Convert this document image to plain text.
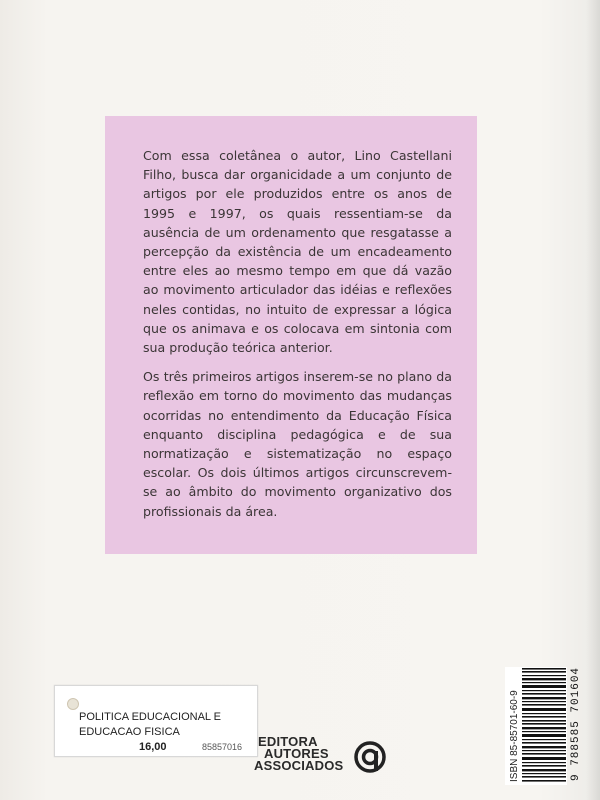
Com essa coletânea o autor, Lino Castellani Filho, busca dar organicidade a um conjunto de artigos por ele produzidos entre os anos de 1995 e 1997, os quais ressentiam-se da ausência de um ordenamento que resgatasse a percepção da existência de um encadeamento entre eles ao mesmo tempo em que dá vazão ao movimento articulador das idéias e reflexões neles contidas, no intuito de expressar a lógica que os animava e os colocava em sintonia com sua produção teórica anterior.

Os três primeiros artigos inserem-se no plano da reflexão em torno do movimento das mudanças ocorridas no entendimento da Educação Física enquanto disciplina pedagógica e de sua normatização e sistematização no espaço escolar. Os dois últimos artigos circunscrevem-se ao âmbito do movimento organizativo dos profissionais da área.

POLITICA EDUCACIONAL E
EDUCACAO FISICA
16,00	8585701​6 EDITORA
AUTORES
ASSOCIADOS	ISBN 85-85701-60-9	9 788585 701604
